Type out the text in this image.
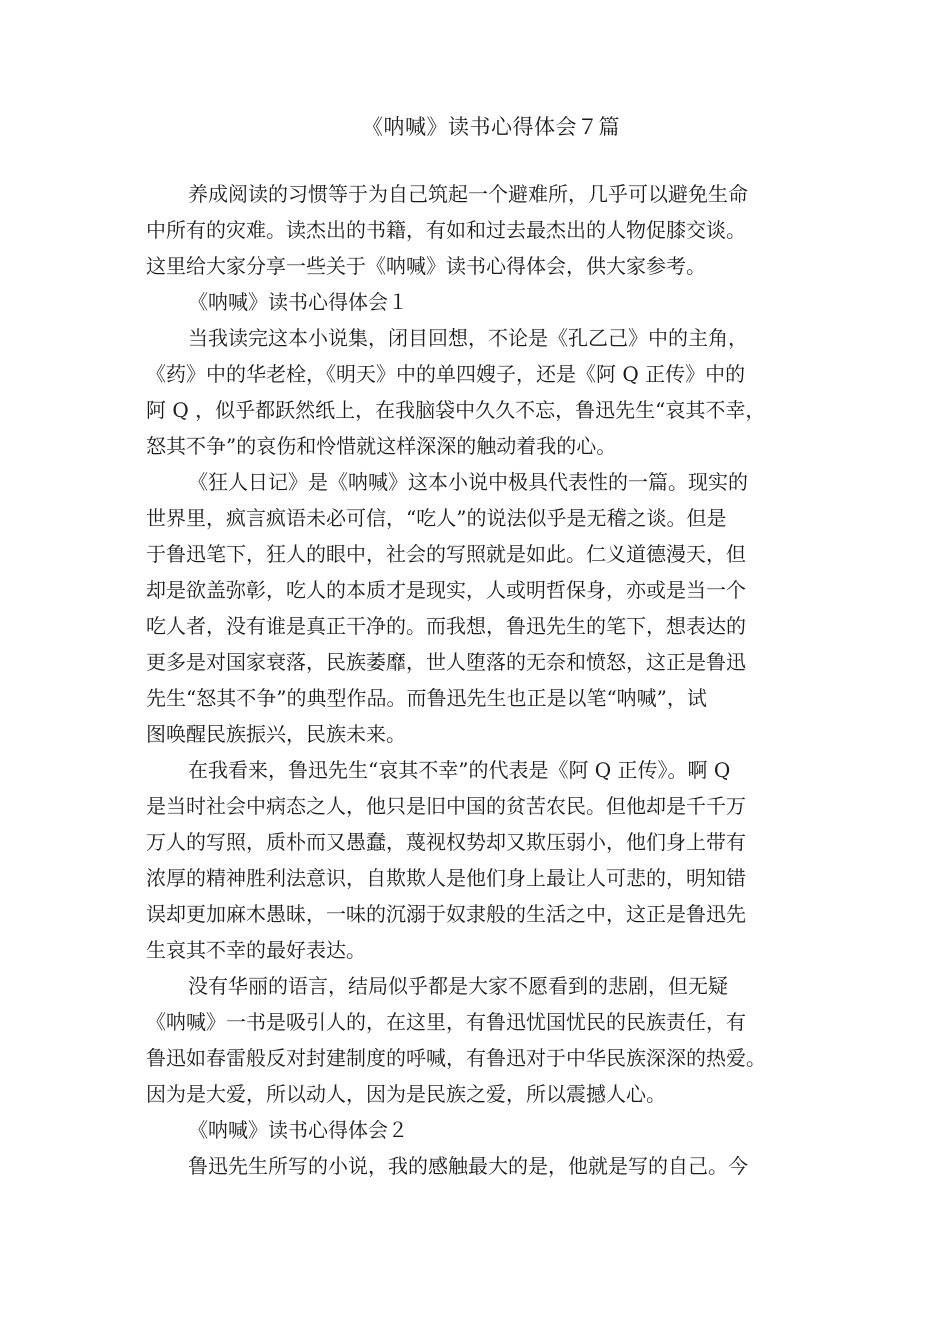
《呐喊》读书心得体会７篇

养成阅读的习惯等于为自己筑起一个避难所，几乎可以避免生命
中所有的灾难。读杰出的书籍，有如和过去最杰出的人物促膝交谈。
这里给大家分享一些关于《呐喊》读书心得体会，供大家参考。

《呐喊》读书心得体会１

当我读完这本小说集，闭目回想，不论是《孔乙己》中的主角，
《药》中的华老栓，《明天》中的单四嫂子，还是《阿 Q 正传》中的
阿 Q ，似乎都跃然纸上，在我脑袋中久久不忘，鲁迅先生“哀其不幸，
怒其不争”的哀伤和怜惜就这样深深的触动着我的心。

《狂人日记》是《呐喊》这本小说中极具代表性的一篇。现实的
世界里，疯言疯语未必可信，“吃人”的说法似乎是无稽之谈。但是
于鲁迅笔下，狂人的眼中，社会的写照就是如此。仁义道德漫天，但
却是欲盖弥彰，吃人的本质才是现实，人或明哲保身，亦或是当一个
吃人者，没有谁是真正干净的。而我想，鲁迅先生的笔下，想表达的
更多是对国家衰落，民族萎靡，世人堕落的无奈和愤怒，这正是鲁迅
先生“怒其不争”的典型作品。而鲁迅先生也正是以笔“呐喊”，试
图唤醒民族振兴，民族未来。

在我看来，鲁迅先生“哀其不幸”的代表是《阿 Q 正传》。啊 Q
是当时社会中病态之人，他只是旧中国的贫苦农民。但他却是千千万
万人的写照，质朴而又愚蠢，蔑视权势却又欺压弱小，他们身上带有
浓厚的精神胜利法意识，自欺欺人是他们身上最让人可悲的，明知错
误却更加麻木愚昧，一味的沉溺于奴隶般的生活之中，这正是鲁迅先
生哀其不幸的最好表达。

没有华丽的语言，结局似乎都是大家不愿看到的悲剧，但无疑
《呐喊》一书是吸引人的，在这里，有鲁迅忧国忧民的民族责任，有
鲁迅如春雷般反对封建制度的呼喊，有鲁迅对于中华民族深深的热爱。
因为是大爱，所以动人，因为是民族之爱，所以震撼人心。

《呐喊》读书心得体会２

鲁迅先生所写的小说，我的感触最大的是，他就是写的自己。今
